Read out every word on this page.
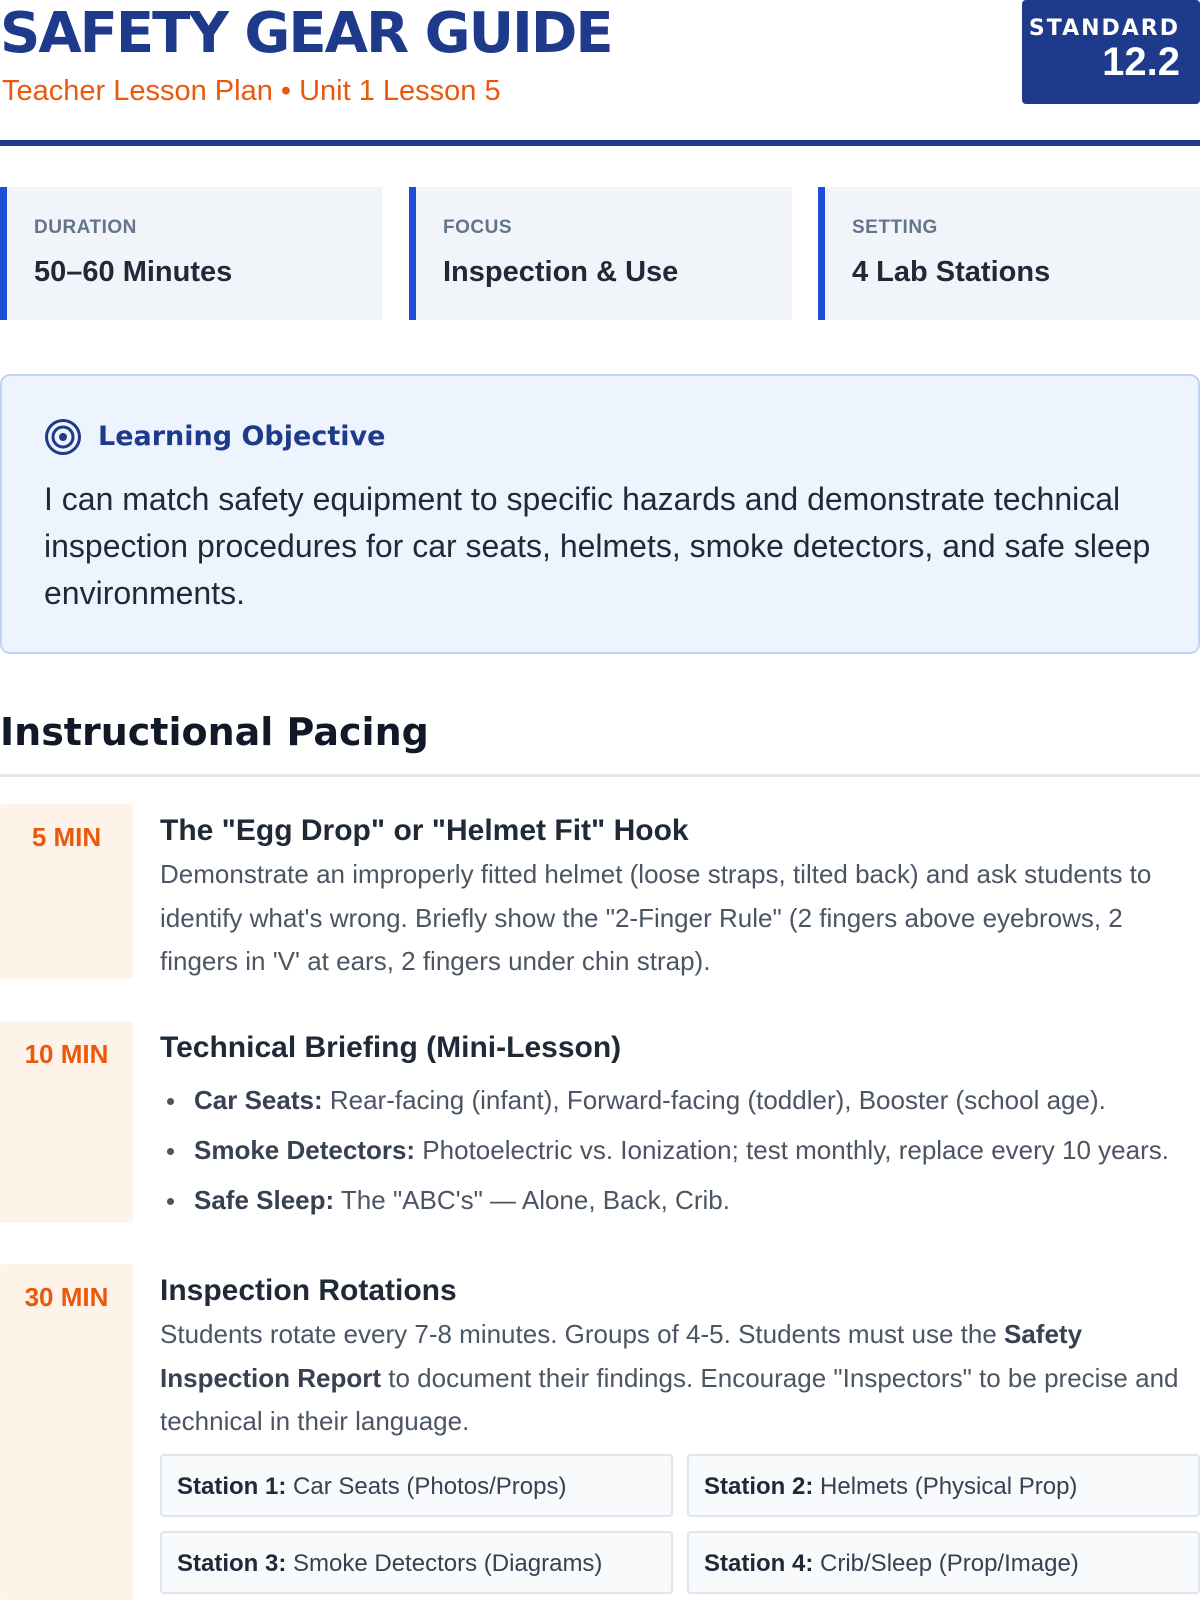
SAFETY GEAR GUIDE
Teacher Lesson Plan • Unit 1 Lesson 5
STANDARD
12.2
DURATION
50–60 Minutes
FOCUS
Inspection & Use
SETTING
4 Lab Stations
Learning Objective
I can match safety equipment to specific hazards and demonstrate technical inspection procedures for car seats, helmets, smoke detectors, and safe sleep environments.
Instructional Pacing
5 MIN	The "Egg Drop" or "Helmet Fit" Hook
Demonstrate an improperly fitted helmet (loose straps, tilted back) and ask students to identify what's wrong. Briefly show the "2-Finger Rule" (2 fingers above eyebrows, 2 fingers in 'V' at ears, 2 fingers under chin strap).
10 MIN	Technical Briefing (Mini-Lesson)
Car Seats: Rear-facing (infant), Forward-facing (toddler), Booster (school age).
Smoke Detectors: Photoelectric vs. Ionization; test monthly, replace every 10 years.
Safe Sleep: The "ABC's" — Alone, Back, Crib.
30 MIN	Inspection Rotations
Students rotate every 7-8 minutes. Groups of 4-5. Students must use the Safety Inspection Report to document their findings. Encourage "Inspectors" to be precise and technical in their language.
Station 1: Car Seats (Photos/Props)	Station 2: Helmets (Physical Prop)
Station 3: Smoke Detectors (Diagrams)	Station 4: Crib/Sleep (Prop/Image)
